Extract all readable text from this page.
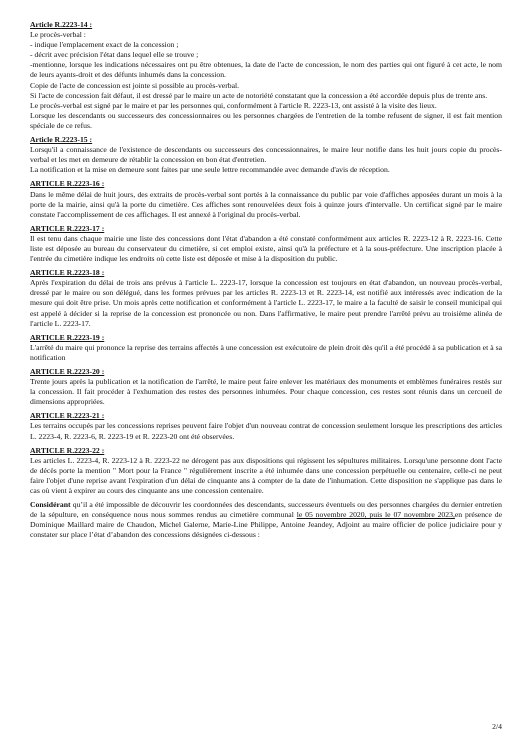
Article R.2223-14 :
Le procès-verbal :
- indique l'emplacement exact de la concession ;
- décrit avec précision l'état dans lequel elle se trouve ;
-mentionne, lorsque les indications nécessaires ont pu être obtenues, la date de l'acte de concession, le nom des parties qui ont figuré à cet acte, le nom de leurs ayants-droit et des défunts inhumés dans la concession.
Copie de l'acte de concession est jointe si possible au procès-verbal.
Si l'acte de concession fait défaut, il est dressé par le maire un acte de notoriété constatant que la concession a été accordée depuis plus de trente ans.
Le procès-verbal est signé par le maire et par les personnes qui, conformément à l'article R. 2223-13, ont assisté à la visite des lieux.
Lorsque les descendants ou successeurs des concessionnaires ou les personnes chargées de l'entretien de la tombe refusent de signer, il est fait mention spéciale de ce refus.
Article R.2223-15 :
Lorsqu'il a connaissance de l'existence de descendants ou successeurs des concessionnaires, le maire leur notifie dans les huit jours copie du procès-verbal et les met en demeure de rétablir la concession en bon état d'entretien.
La notification et la mise en demeure sont faites par une seule lettre recommandée avec demande d'avis de réception.
ARTICLE R.2223-16 :
Dans le même délai de huit jours, des extraits de procès-verbal sont portés à la connaissance du public par voie d'affiches apposées durant un mois à la porte de la mairie, ainsi qu'à la porte du cimetière. Ces affiches sont renouvelées deux fois à quinze jours d'intervalle. Un certificat signé par le maire constate l'accomplissement de ces affichages. Il est annexé à l'original du procès-verbal.
ARTICLE R.2223-17 :
Il est tenu dans chaque mairie une liste des concessions dont l'état d'abandon a été constaté conformément aux articles R. 2223-12 à R. 2223-16. Cette liste est déposée au bureau du conservateur du cimetière, si cet emploi existe, ainsi qu'à la préfecture et à la sous-préfecture. Une inscription placée à l'entrée du cimetière indique les endroits où cette liste est déposée et mise à la disposition du public.
ARTICLE R.2223-18 :
Après l'expiration du délai de trois ans prévus à l'article L. 2223-17, lorsque la concession est toujours en état d'abandon, un nouveau procès-verbal, dressé par le maire ou son délégué, dans les formes prévues par les articles R. 2223-13 et R. 2223-14, est notifié aux intéressés avec indication de la mesure qui doit être prise. Un mois après cette notification et conformément à l'article L. 2223-17, le maire a la faculté de saisir le conseil municipal qui est appelé à décider si la reprise de la concession est prononcée ou non. Dans l'affirmative, le maire peut prendre l'arrêté prévu au troisième alinéa de l'article L. 2223-17.
ARTICLE R.2223-19 :
L'arrêté du maire qui prononce la reprise des terrains affectés à une concession est exécutoire de plein droit dès qu'il a été procédé à sa publication et à sa notification
ARTICLE R.2223-20 :
Trente jours après la publication et la notification de l'arrêté, le maire peut faire enlever les matériaux des monuments et emblèmes funéraires restés sur la concession. Il fait procéder à l'exhumation des restes des personnes inhumées. Pour chaque concession, ces restes sont réunis dans un cercueil de dimensions appropriées.
ARTICLE R.2223-21 :
Les terrains occupés par les concessions reprises peuvent faire l'objet d'un nouveau contrat de concession seulement lorsque les prescriptions des articles L. 2223-4, R. 2223-6, R. 2223-19 et R. 2223-20 ont été observées.
ARTICLE R.2223-22 :
Les articles L. 2223-4, R. 2223-12 à R. 2223-22 ne dérogent pas aux dispositions qui régissent les sépultures militaires. Lorsqu'une personne dont l'acte de décès porte la mention " Mort pour la France " régulièrement inscrite a été inhumée dans une concession perpétuelle ou centenaire, celle-ci ne peut faire l'objet d'une reprise avant l'expiration d'un délai de cinquante ans à compter de la date de l'inhumation. Cette disposition ne s'applique pas dans le cas où vient à expirer au cours des cinquante ans une concession centenaire.
Considérant qu’il a été impossible de découvrir les coordonnées des descendants, successeurs éventuels ou des personnes chargées du dernier entretien de la sépulture, en conséquence nous nous sommes rendus au cimetière communal le 05 novembre 2020, puis le 07 novembre 2023,en présence de Dominique Maillard maire de Chaudon, Michel Galerne, Marie-Line Philippe, Antoine Jeandey, Adjoint au maire officier de police judiciaire pour y constater sur place l’état d’abandon des concessions désignées ci-dessous :
2/4
